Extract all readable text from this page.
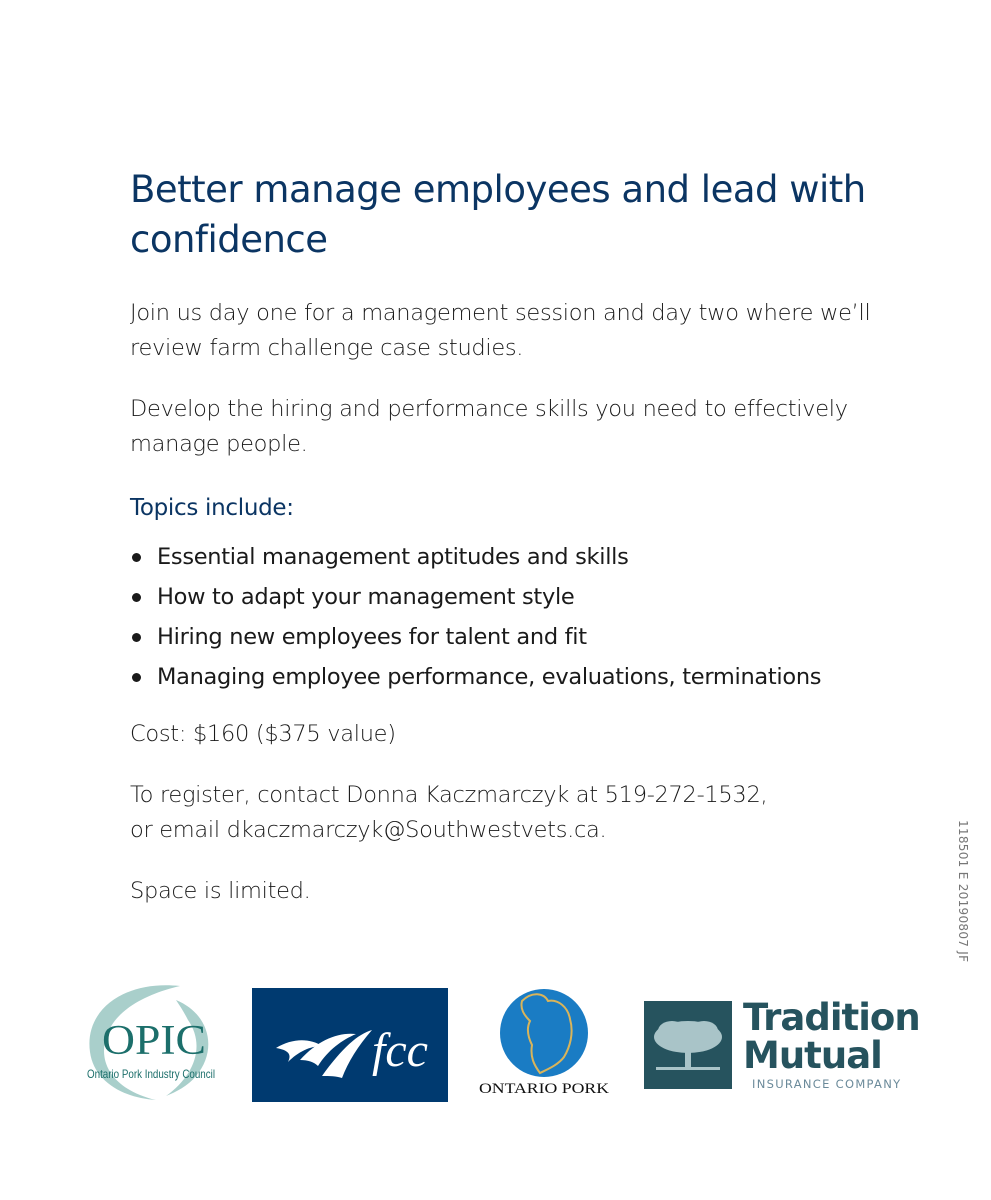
Better manage employees and lead with confidence

Join us day one for a management session and day two where we’ll review farm challenge case studies.

Develop the hiring and performance skills you need to effectively manage people.

Topics include:
Essential management aptitudes and skills
How to adapt your management style
Hiring new employees for talent and fit
Managing employee performance, evaluations, terminations

Cost: $160 ($375 value)

To register, contact Donna Kaczmarczyk at 519-272-1532,
or email dkaczmarczyk@Southwestvets.ca.

Space is limited.	118501 E 20190807 JF
OPIC
Ontario Pork Industry Council	fcc
ONTARIO PORK
Tradition
Mutual
INSURANCE COMPANY
